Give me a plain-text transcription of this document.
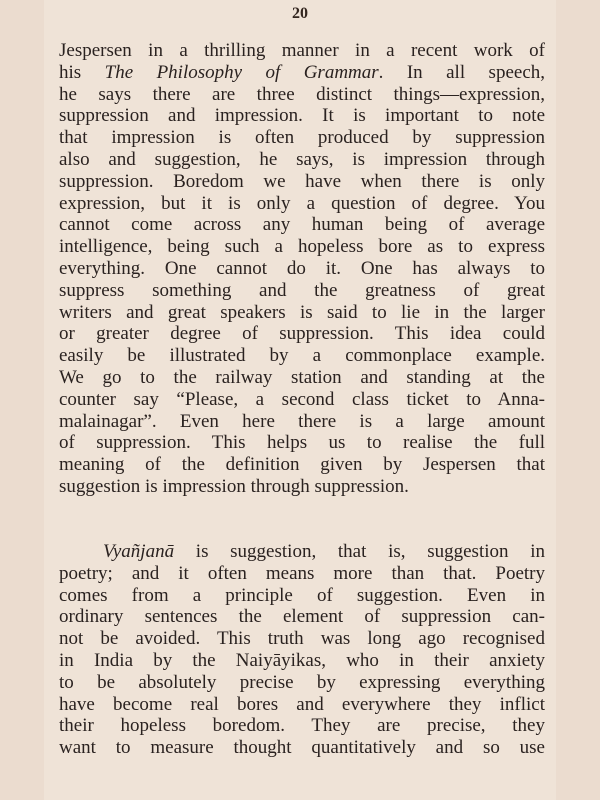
20
Jespersen in a thrilling manner in a recent work of
his The Philosophy of Grammar. In all speech,
he says there are three distinct things—expression,
suppression and impression. It is important to note
that impression is often produced by suppression
also and suggestion, he says, is impression through
suppression. Boredom we have when there is only
expression, but it is only a question of degree. You
cannot come across any human being of average
intelligence, being such a hopeless bore as to express
everything. One cannot do it. One has always to
suppress something and the greatness of great
writers and great speakers is said to lie in the larger
or greater degree of suppression. This idea could
easily be illustrated by a commonplace example.
We go to the railway station and standing at the
counter say “Please, a second class ticket to Anna-
malainagar”. Even here there is a large amount
of suppression. This helps us to realise the full
meaning of the definition given by Jespersen that
suggestion is impression through suppression.
Vyañjanā is suggestion, that is, suggestion in
poetry; and it often means more than that. Poetry
comes from a principle of suggestion. Even in
ordinary sentences the element of suppression can-
not be avoided. This truth was long ago recognised
in India by the Naiyāyikas, who in their anxiety
to be absolutely precise by expressing everything
have become real bores and everywhere they inflict
their hopeless boredom. They are precise, they
want to measure thought quantitatively and so use
